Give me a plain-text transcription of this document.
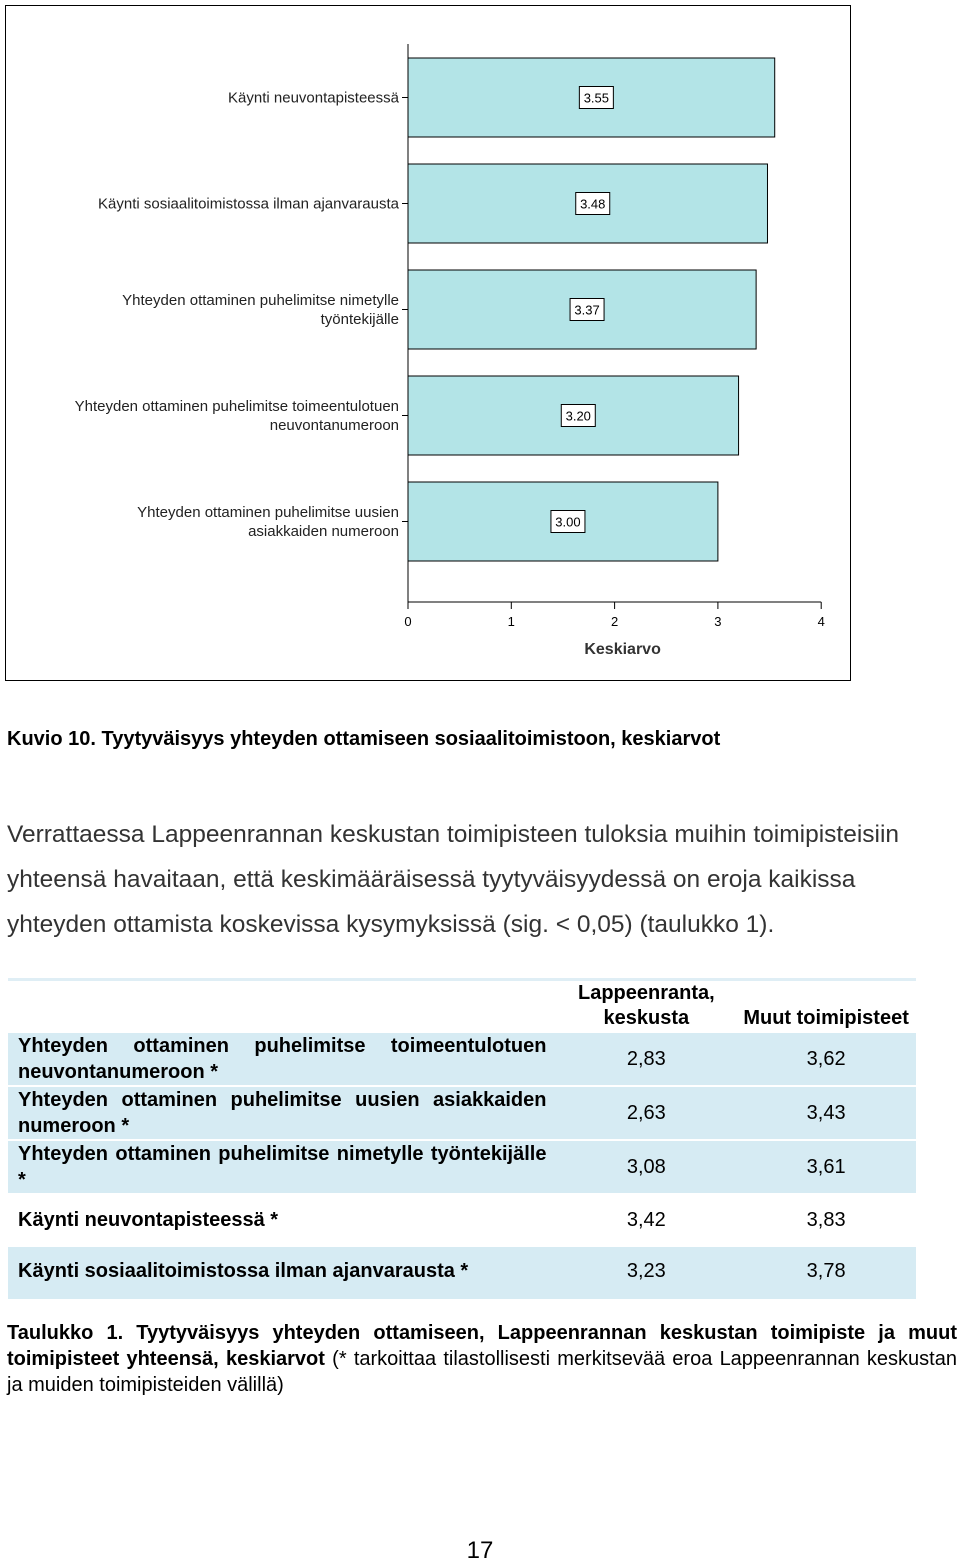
0	1	2	3	4
Keskiarvo
Käynti neuvontapisteessä	3.55
Käynti sosiaalitoimistossa ilman ajanvarausta	3.48
Yhteyden ottaminen puhelimitse nimetylle työntekijälle
3.37
Yhteyden ottaminen puhelimitse toimeentulotuen neuvontanumeroon
3.20
Yhteyden ottaminen puhelimitse uusien asiakkaiden numeroon
3.00
Kuvio 10. Tyytyväisyys yhteyden ottamiseen sosiaalitoimistoon, keskiarvot

Verrattaessa Lappeenrannan keskustan toimipisteen tuloksia muihin toimipisteisiin yhteensä havaitaan, että keskimääräisessä tyytyväisyydessä on eroja kaikissa yhteyden ottamista koskevissa kysymyksissä (sig. < 0,05) (taulukko 1).

	Lappeenranta, keskusta	Muut toimipisteet
Yhteyden ottaminen puhelimitse toimeentulotuen neuvontanumeroon *	2,83	3,62
Yhteyden ottaminen puhelimitse uusien asiakkaiden numeroon *	2,63	3,43
Yhteyden ottaminen puhelimitse nimetylle työntekijälle *	3,08	3,61
Käynti neuvontapisteessä *	3,42	3,83
Käynti sosiaalitoimistossa ilman ajanvarausta *	3,23	3,78
Taulukko 1. Tyytyväisyys yhteyden ottamiseen, Lappeenrannan keskustan toimipiste ja muut toimipisteet yhteensä, keskiarvot (* tarkoittaa tilastollisesti merkitsevää eroa Lappeenrannan keskustan ja muiden toimipisteiden välillä)
17
